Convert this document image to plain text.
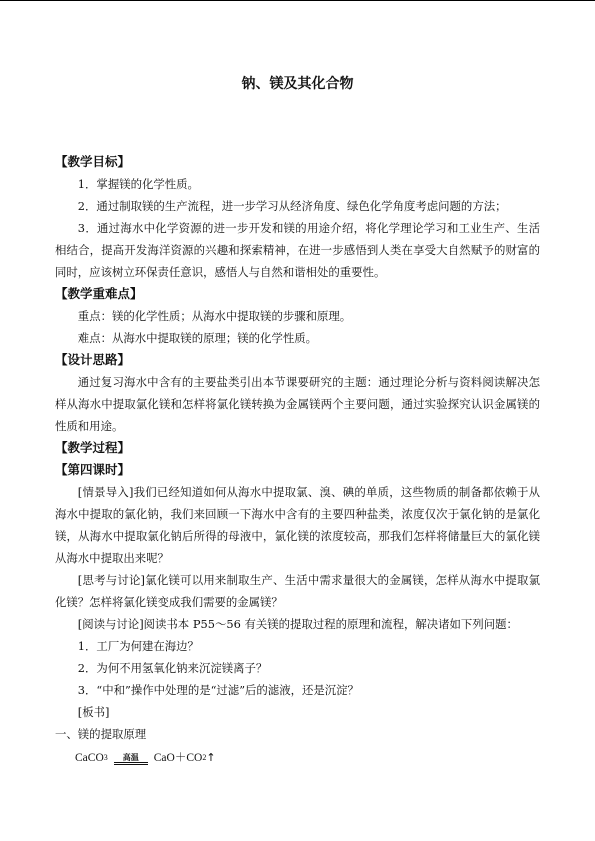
钠、镁及其化合物
【教学目标】
1．掌握镁的化学性质。
2．通过制取镁的生产流程，进一步学习从经济角度、绿色化学角度考虑问题的方法；
3．通过海水中化学资源的进一步开发和镁的用途介绍，将化学理论学习和工业生产、生活相结合，提高开发海洋资源的兴趣和探索精神，在进一步感悟到人类在享受大自然赋予的财富的同时，应该树立环保责任意识，感悟人与自然和谐相处的重要性。
【教学重难点】
重点：镁的化学性质；从海水中提取镁的步骤和原理。
难点：从海水中提取镁的原理；镁的化学性质。
【设计思路】
通过复习海水中含有的主要盐类引出本节课要研究的主题：通过理论分析与资料阅读解决怎样从海水中提取氯化镁和怎样将氯化镁转换为金属镁两个主要问题，通过实验探究认识金属镁的性质和用途。
【教学过程】
【第四课时】
[情景导入]我们已经知道如何从海水中提取氯、溴、碘的单质，这些物质的制备都依赖于从海水中提取的氯化钠，我们来回顾一下海水中含有的主要四种盐类，浓度仅次于氯化钠的是氯化镁，从海水中提取氯化钠后所得的母液中，氯化镁的浓度较高，那我们怎样将储量巨大的氯化镁从海水中提取出来呢？
[思考与讨论]氯化镁可以用来制取生产、生活中需求量很大的金属镁，怎样从海水中提取氯化镁？怎样将氯化镁变成我们需要的金属镁？
[阅读与讨论]阅读书本 P55～56 有关镁的提取过程的原理和流程，解决诸如下列问题：
1．工厂为何建在海边？
2．为何不用氢氧化钠来沉淀镁离子？
3．“中和”操作中处理的是“过滤”后的滤液，还是沉淀？
[板书]
一、镁的提取原理
CaCO 3 高温 CaO＋CO 2 ↑
